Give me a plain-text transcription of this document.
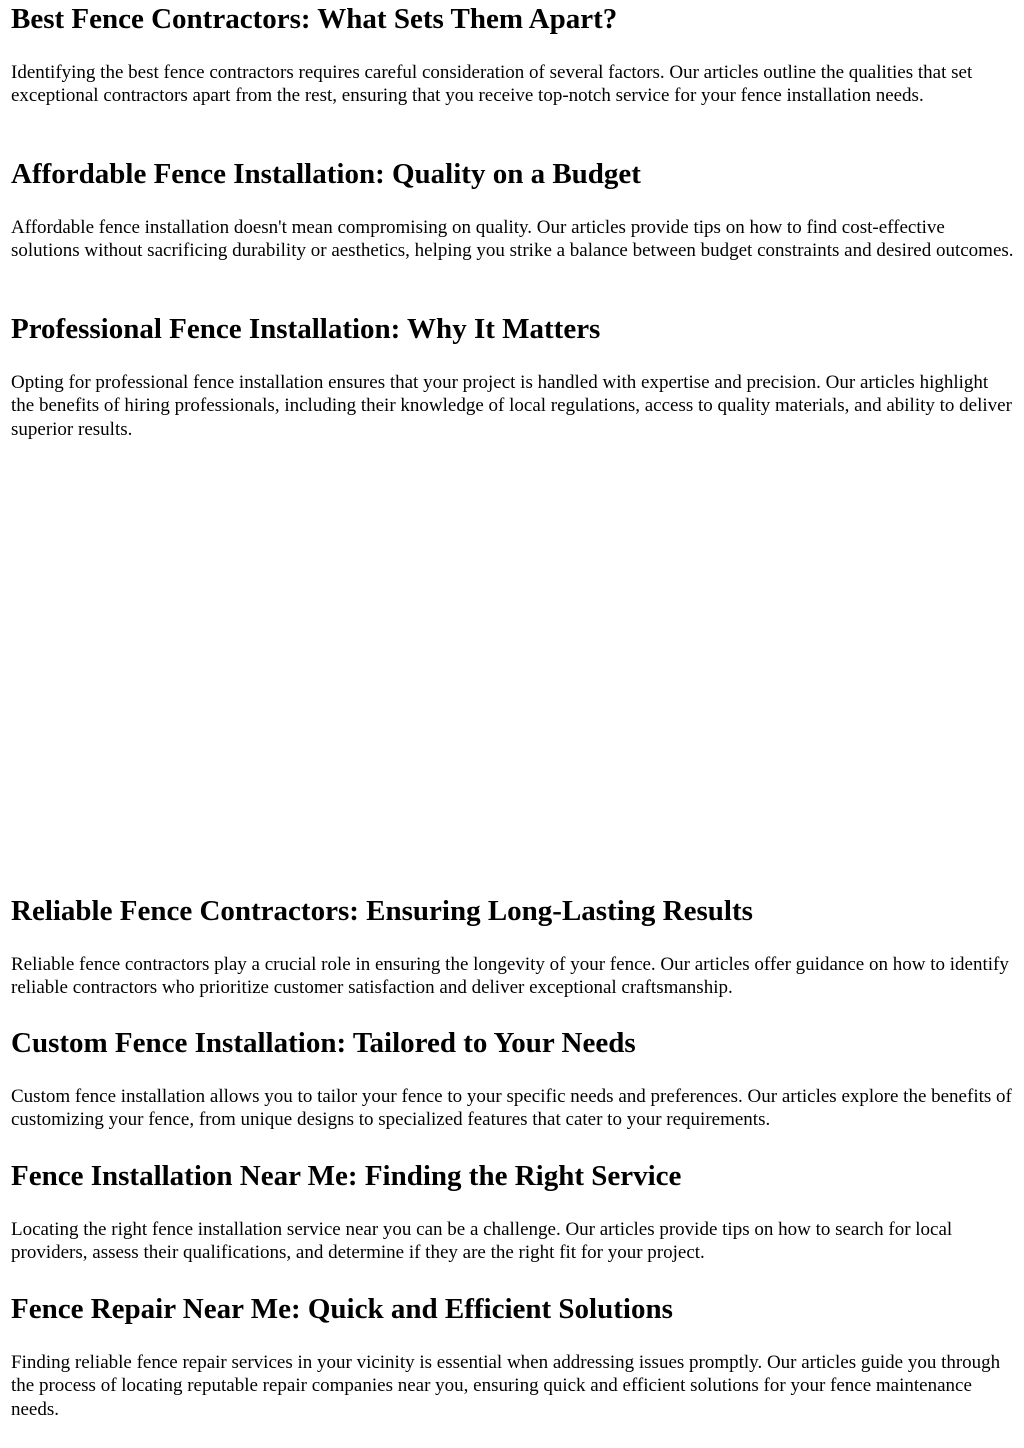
Best Fence Contractors: What Sets Them Apart?

Identifying the best fence contractors requires careful consideration of several factors. Our articles outline the qualities that set exceptional contractors apart from the rest, ensuring that you receive top-notch service for your fence installation needs.

Affordable Fence Installation: Quality on a Budget

Affordable fence installation doesn't mean compromising on quality. Our articles provide tips on how to find cost-effective solutions without sacrificing durability or aesthetics, helping you strike a balance between budget constraints and desired outcomes.

Professional Fence Installation: Why It Matters

Opting for professional fence installation ensures that your project is handled with expertise and precision. Our articles highlight the benefits of hiring professionals, including their knowledge of local regulations, access to quality materials, and ability to deliver superior results.

Reliable Fence Contractors: Ensuring Long-Lasting Results

Reliable fence contractors play a crucial role in ensuring the longevity of your fence. Our articles offer guidance on how to identify reliable contractors who prioritize customer satisfaction and deliver exceptional craftsmanship.

Custom Fence Installation: Tailored to Your Needs

Custom fence installation allows you to tailor your fence to your specific needs and preferences. Our articles explore the benefits of customizing your fence, from unique designs to specialized features that cater to your requirements.

Fence Installation Near Me: Finding the Right Service

Locating the right fence installation service near you can be a challenge. Our articles provide tips on how to search for local providers, assess their qualifications, and determine if they are the right fit for your project.

Fence Repair Near Me: Quick and Efficient Solutions

Finding reliable fence repair services in your vicinity is essential when addressing issues promptly. Our articles guide you through the process of locating reputable repair companies near you, ensuring quick and efficient solutions for your fence maintenance needs.
